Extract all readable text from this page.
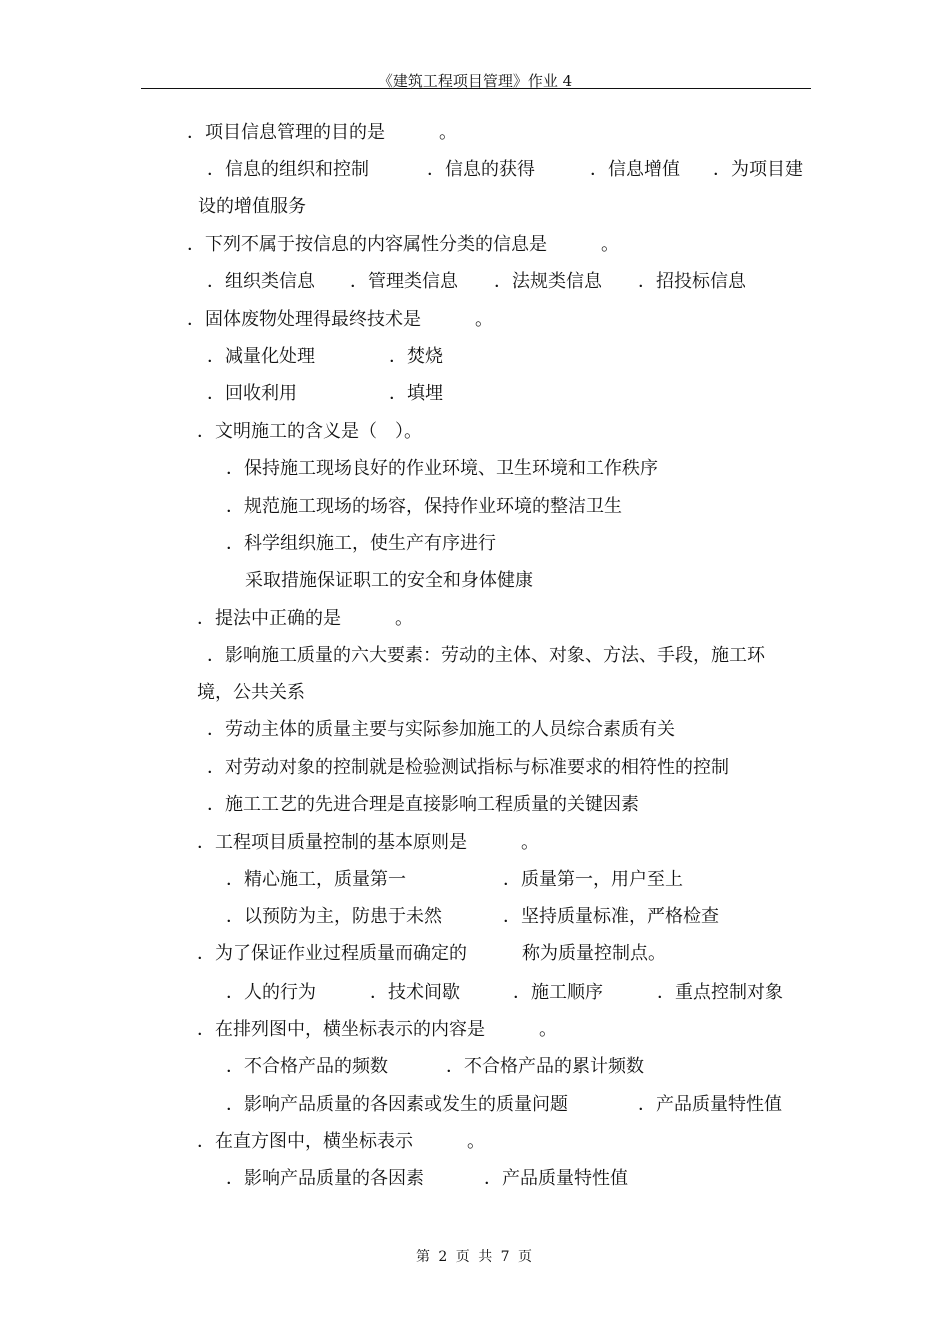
《建筑工程项目管理》作业 4
．项目信息管理的目的是　　　。
．信息的组织和控制	．信息的获得	．信息增值 ．为项目建
设的增值服务
．下列不属于按信息的内容属性分类的信息是　　　。
．组织类信息 ．管理类信息 ．法规类信息 ．招投标信息
．固体废物处理得最终技术是　　　。
．减量化处理	．焚烧
．回收利用	．填埋
．文明施工的含义是（　）。
．保持施工现场良好的作业环境、卫生环境和工作秩序
．规范施工现场的场容，保持作业环境的整洁卫生
．科学组织施工，使生产有序进行
采取措施保证职工的安全和身体健康
．提法中正确的是　　　。
．影响施工质量的六大要素：劳动的主体、对象、方法、手段，施工环
境，公共关系
．劳动主体的质量主要与实际参加施工的人员综合素质有关
．对劳动对象的控制就是检验测试指标与标准要求的相符性的控制
．施工工艺的先进合理是直接影响工程质量的关键因素
．工程项目质量控制的基本原则是　　　。
．精心施工，质量第一	．质量第一，用户至上
．以预防为主，防患于未然	．坚持质量标准，严格检查
．为了保证作业过程质量而确定的	称为质量控制点。
．人的行为	．技术间歇	．施工顺序	．重点控制对象
．在排列图中，横坐标表示的内容是　　　。
．不合格产品的频数	．不合格产品的累计频数
．影响产品质量的各因素或发生的质量问题	．产品质量特性值
．在直方图中，横坐标表示　　　。
．影响产品质量的各因素	．产品质量特性值
第 2 页 共 7 页
